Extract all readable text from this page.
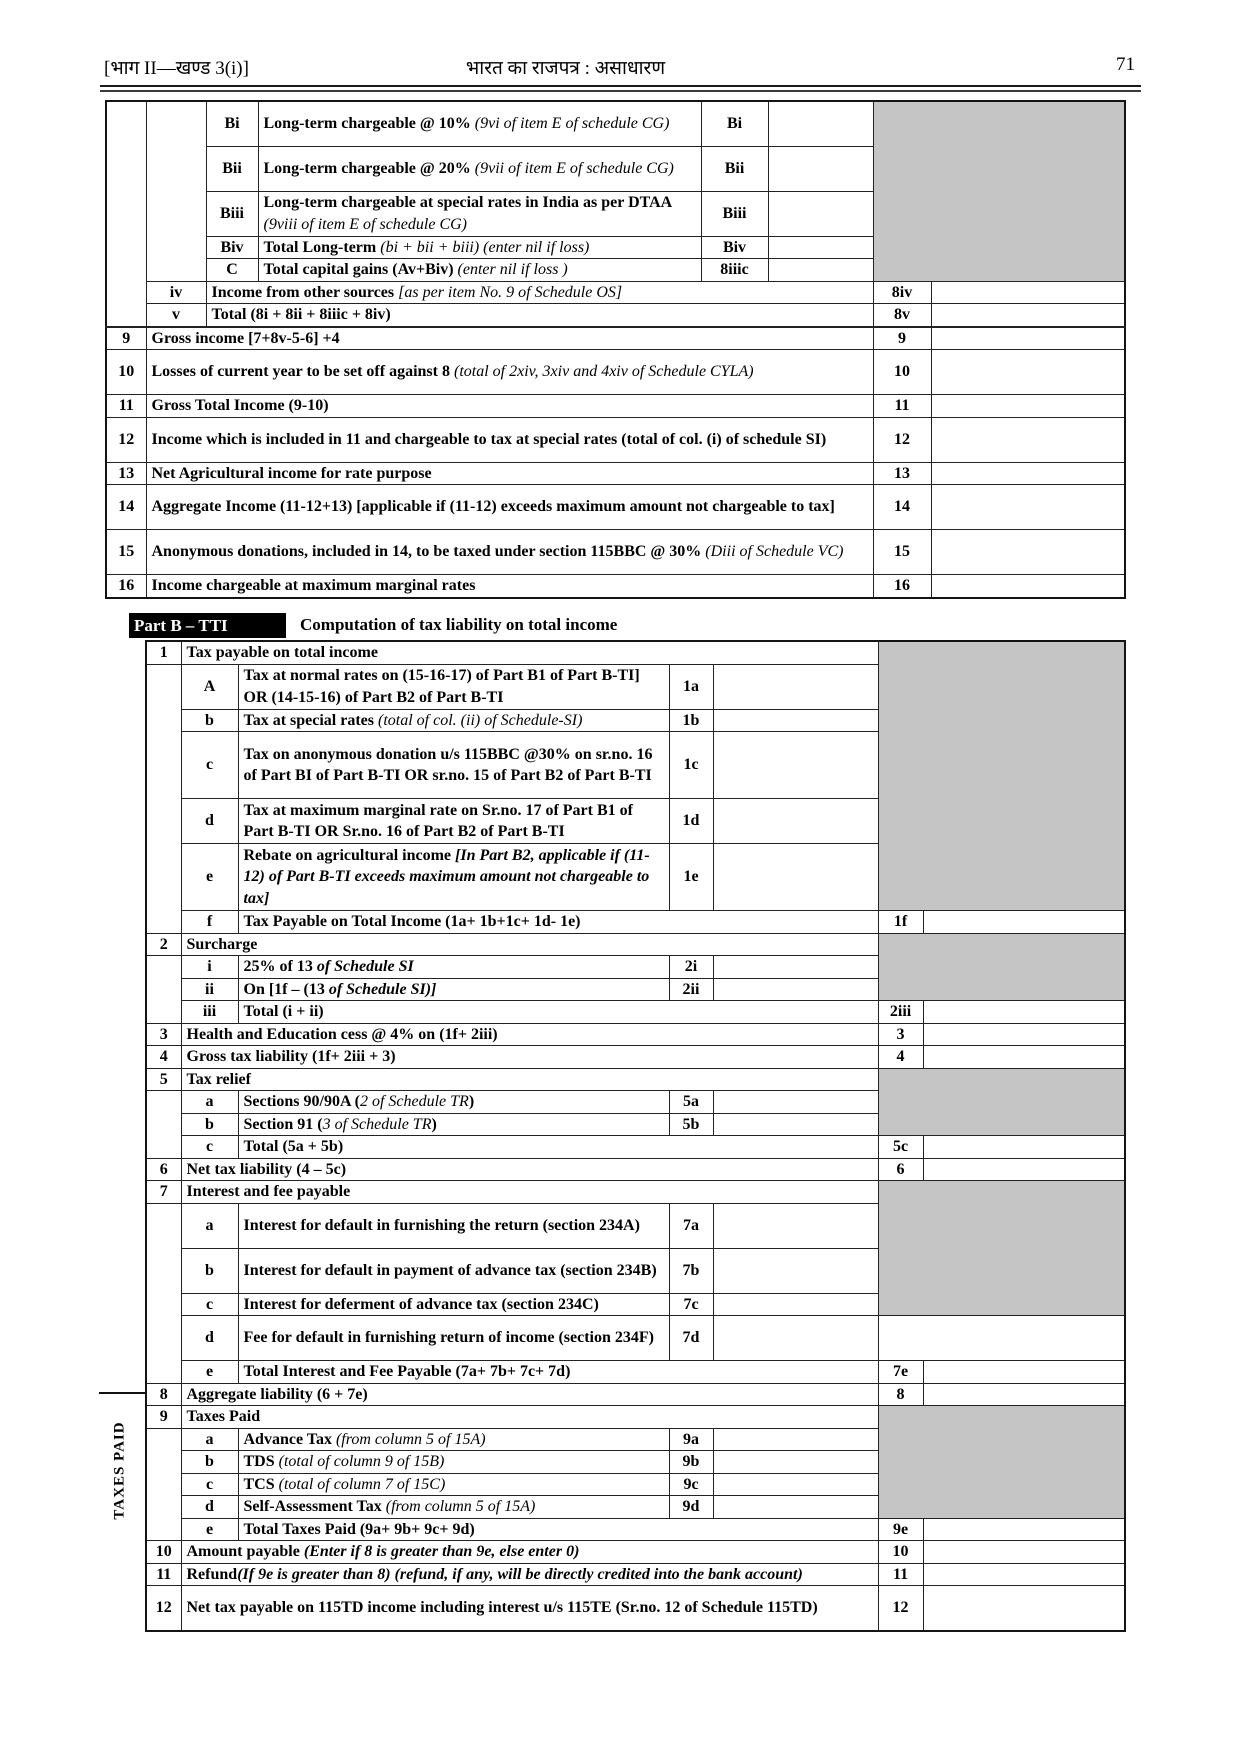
[भाग II—खण्ड 3(i)]	भारत का राजपत्र : असाधारण	71
		Bi	Long-term chargeable @ 10% (9vi of item E of schedule CG)	Bi			
		Bii	Long-term chargeable @ 20% (9vii of item E of schedule CG)	Bii			
		Biii	Long-term chargeable at special rates in India as per DTAA (9viii of item E of schedule CG)	Biii			
		Biv	Total Long-term (bi + bii + biii) (enter nil if loss)	Biv			
		C	Total capital gains (Av+Biv) (enter nil if loss )	8iiic			
	iv	Income from other sources [as per item No. 9 of Schedule OS]				8iv	
	v	Total (8i + 8ii + 8iiic + 8iv)				8v	
9	Gross income [7+8v-5-6] +4					9	
10	Losses of current year to be set off against 8 (total of 2xiv, 3xiv and 4xiv of Schedule CYLA)					10	
11	Gross Total Income (9-10)					11	
12	Income which is included in 11 and chargeable to tax at special rates (total of col. (i) of schedule SI)					12	
13	Net Agricultural income for rate purpose					13	
14	Aggregate Income (11-12+13) [applicable if (11-12) exceeds maximum amount not chargeable to tax]					14	
15	Anonymous donations, included in 14, to be taxed under section 115BBC @ 30% (Diii of Schedule VC)					15	
16	Income chargeable at maximum marginal rates					16	
Part B – TTI	Computation of tax liability on total income
1	Tax payable on total income					
	A	Tax at normal rates on (15-16-17) of Part B1 of Part B-TI] OR (14-15-16) of Part B2 of Part B-TI	1a			
	b	Tax at special rates (total of col. (ii) of Schedule-SI)	1b			
	c	Tax on anonymous donation u/s 115BBC @30% on sr.no. 16 of Part BI of Part B-TI OR sr.no. 15 of Part B2 of Part B-TI	1c			
	d	Tax at maximum marginal rate on Sr.no. 17 of Part B1 of Part B-TI OR Sr.no. 16 of Part B2 of Part B-TI	1d			
	e	Rebate on agricultural income [In Part B2, applicable if (11-12) of Part B-TI exceeds maximum amount not chargeable to tax]	1e			
	f	Tax Payable on Total Income (1a+ 1b+1c+ 1d- 1e)			1f	
2	Surcharge					
	i	25% of 13 of Schedule SI	2i			
	ii	On [1f – (13 of Schedule SI)]	2ii			
	iii	Total (i + ii)			2iii	
3	Health and Education cess @ 4% on (1f+ 2iii)				3	
4	Gross tax liability (1f+ 2iii + 3)				4	
5	Tax relief					
	a	Sections 90/90A (2 of Schedule TR)	5a			
	b	Section 91 (3 of Schedule TR)	5b			
	c	Total (5a + 5b)			5c	
6	Net tax liability (4 – 5c)				6	
7	Interest and fee payable					
	a	Interest for default in furnishing the return (section 234A)	7a			
	b	Interest for default in payment of advance tax (section 234B)	7b			
	c	Interest for deferment of advance tax (section 234C)	7c			
	d	Fee for default in furnishing return of income (section 234F)	7d			
	e	Total Interest and Fee Payable (7a+ 7b+ 7c+ 7d)			7e	
8	Aggregate liability (6 + 7e)				8	
9	Taxes Paid					
	a	Advance Tax (from column 5 of 15A)	9a			
	b	TDS (total of column 9 of 15B)	9b			
	c	TCS (total of column 7 of 15C)	9c			
	d	Self-Assessment Tax (from column 5 of 15A)	9d			
	e	Total Taxes Paid (9a+ 9b+ 9c+ 9d)			9e	
10	Amount payable (Enter if 8 is greater than 9e, else enter 0)				10	
11	Refund(If 9e is greater than 8) (refund, if any, will be directly credited into the bank account)				11	
12	Net tax payable on 115TD income including interest u/s 115TE (Sr.no. 12 of Schedule 115TD)				12	
TAXES PAID
